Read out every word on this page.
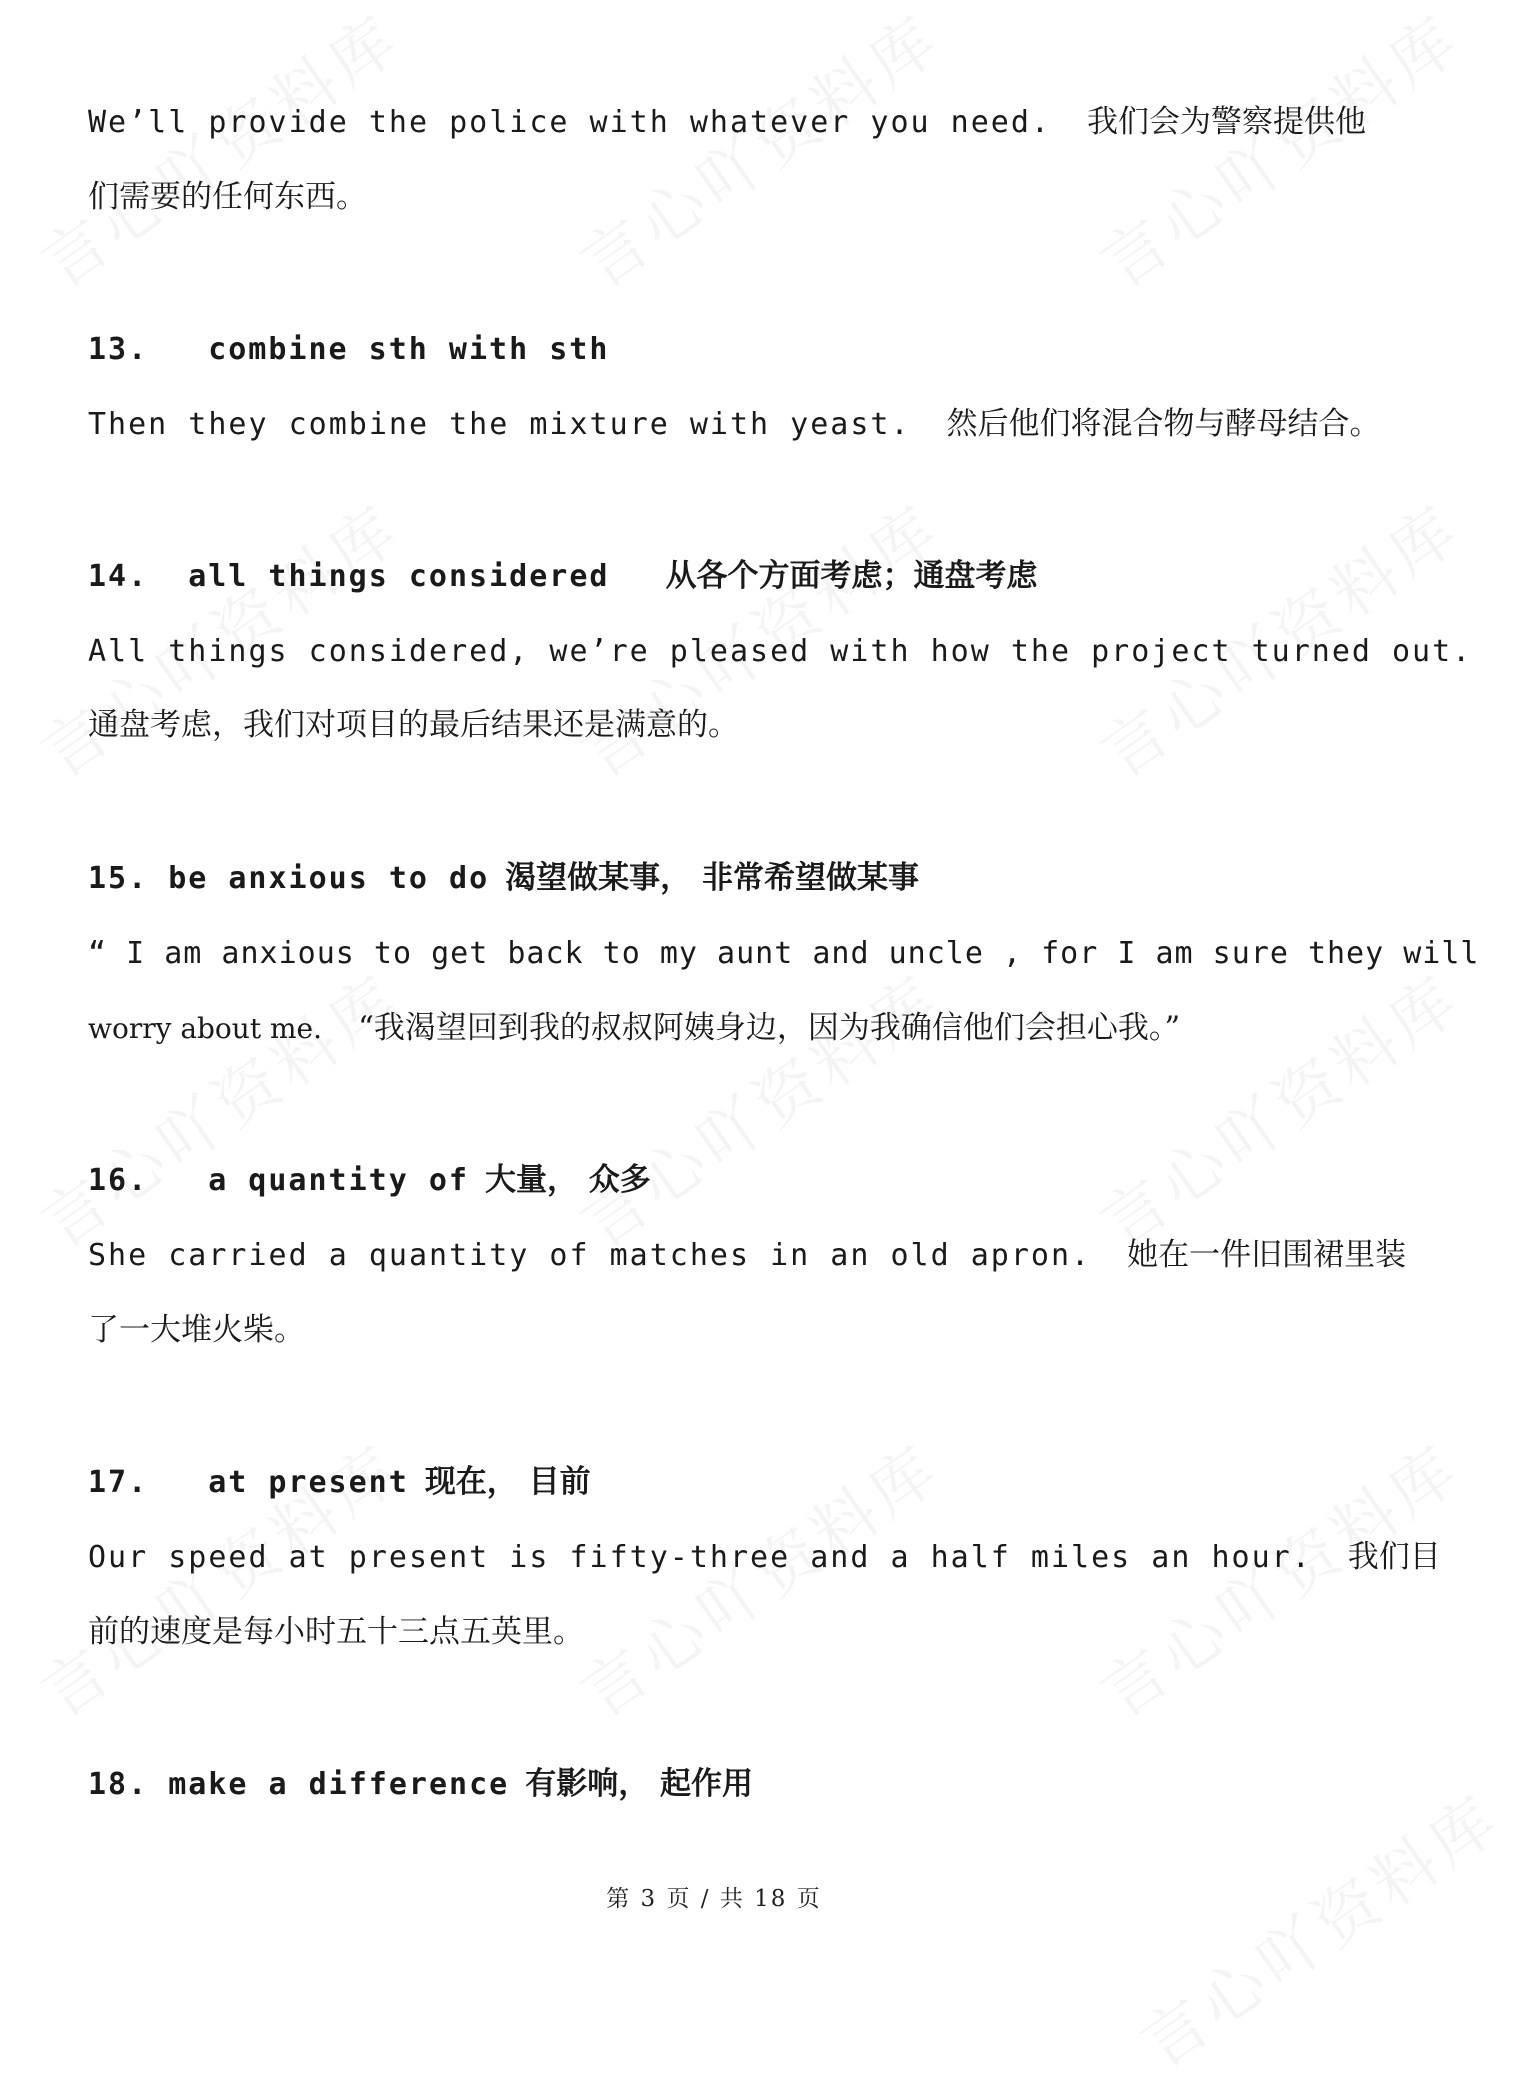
We’ll provide the police with whatever you need. 我们会为警察提供他
们需要的任何东西。
13. combine sth with sth
Then they combine the mixture with yeast. 然后他们将混合物与酵母结合。
14. all things considered 从各个方面考虑；通盘考虑
All things considered, we’re pleased with how the project turned out.
通盘考虑，我们对项目的最后结果还是满意的。
15. be anxious to do 渴望做某事， 非常希望做某事
“ I am anxious to get back to my aunt and uncle , for I am sure they will
worry about me. “我渴望回到我的叔叔阿姨身边，因为我确信他们会担心我。”
16. a quantity of 大量， 众多
She carried a quantity of matches in an old apron. 她在一件旧围裙里装
了一大堆火柴。
17. at present 现在， 目前
Our speed at present is fifty-three and a half miles an hour. 我们目
前的速度是每小时五十三点五英里。
18. make a difference 有影响， 起作用
第 3 页 / 共 18 页
